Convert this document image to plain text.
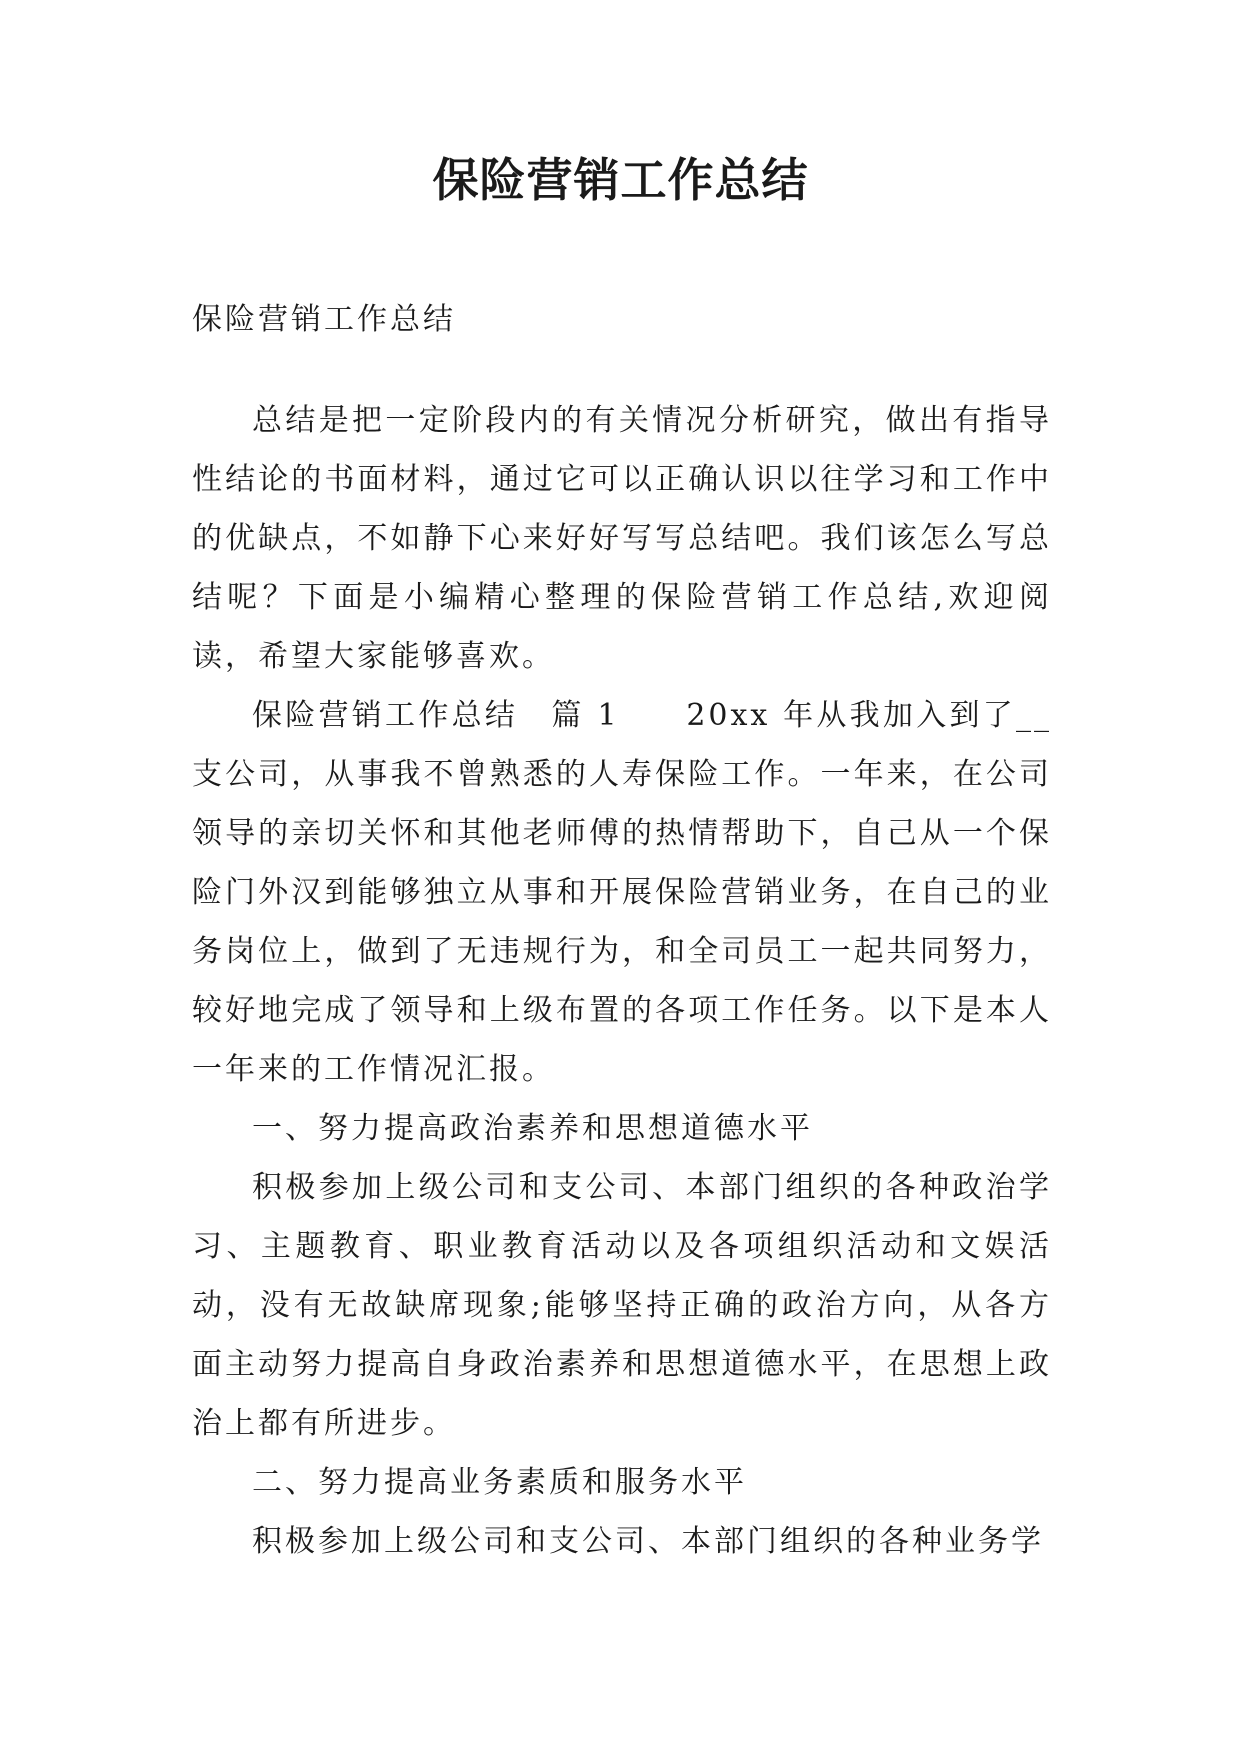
保险营销工作总结

保险营销工作总结

总结是把一定阶段内的有关情况分析研究，做出有指导性结论的书面材料，通过它可以正确认识以往学习和工作中的优缺点，不如静下心来好好写写总结吧。我们该怎么写总结呢？下面是小编精心整理的保险营销工作总结,欢迎阅读，希望大家能够喜欢。

保险营销工作总结　篇 1　　20xx 年从我加入到了__支公司，从事我不曾熟悉的人寿保险工作。一年来，在公司领导的亲切关怀和其他老师傅的热情帮助下，自己从一个保险门外汉到能够独立从事和开展保险营销业务，在自己的业务岗位上，做到了无违规行为，和全司员工一起共同努力，较好地完成了领导和上级布置的各项工作任务。以下是本人一年来的工作情况汇报。

一、努力提高政治素养和思想道德水平

积极参加上级公司和支公司、本部门组织的各种政治学习、主题教育、职业教育活动以及各项组织活动和文娱活动，没有无故缺席现象;能够坚持正确的政治方向，从各方面主动努力提高自身政治素养和思想道德水平，在思想上政治上都有所进步。

二、努力提高业务素质和服务水平

积极参加上级公司和支公司、本部门组织的各种业务学
